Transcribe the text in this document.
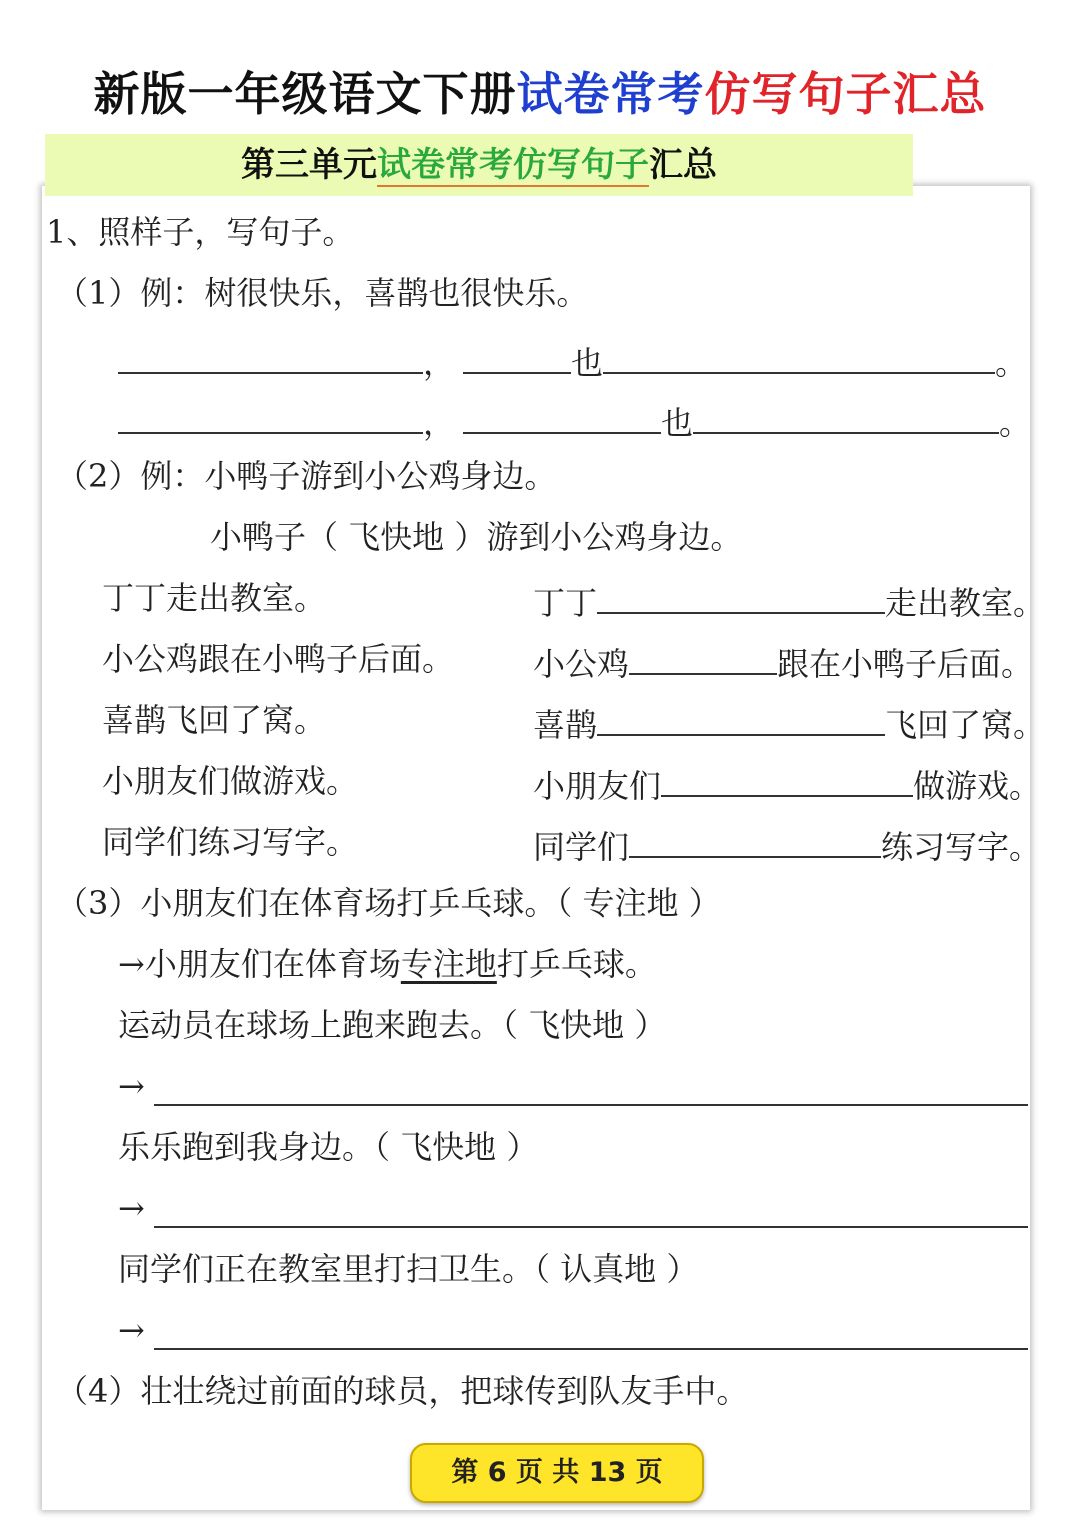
新版一年级语文下册试卷常考仿写句子汇总
第三单元试卷常考仿写句子汇总
1、照样子，写句子。
（1）例：树很快乐，喜鹊也很快乐。
，	也	。
，	也	。
（2）例：小鸭子游到小公鸡身边。
小鸭子（ 飞快地 ）游到小公鸡身边。
丁丁走出教室。	丁丁	走出教室。
小公鸡跟在小鸭子后面。 小公鸡	跟在小鸭子后面。
喜鹊飞回了窝。	喜鹊	飞回了窝。
小朋友们做游戏。	小朋友们	做游戏。
同学们练习写字。	同学们	练习写字。
（3）小朋友们在体育场打乒乓球。（ 专注地 ）
→小朋友们在体育场专注地打乒乓球。
运动员在球场上跑来跑去。（ 飞快地 ）
→
乐乐跑到我身边。（ 飞快地 ）
→
同学们正在教室里打扫卫生。（ 认真地 ）
→
（4）壮壮绕过前面的球员，把球传到队友手中。
第 6 页 共 13 页
